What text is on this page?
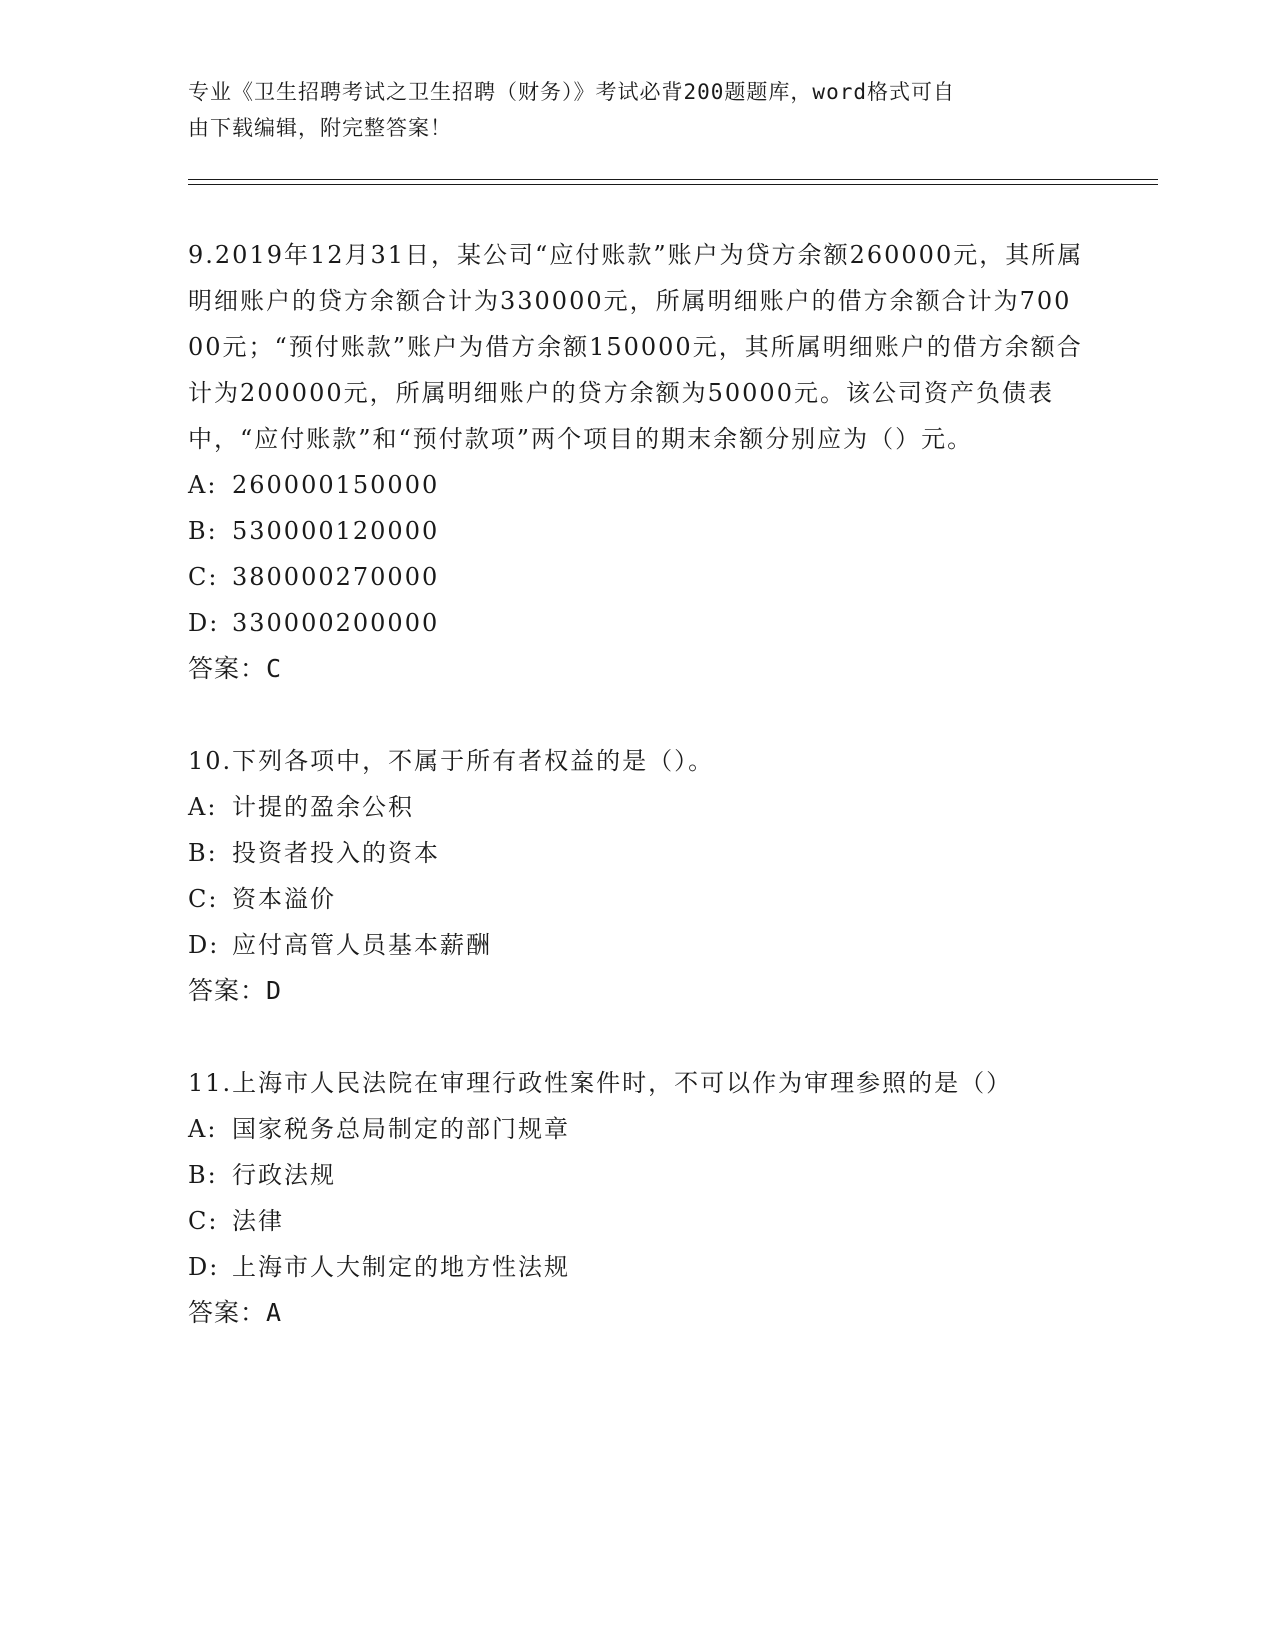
专业《卫生招聘考试之卫生招聘（财务）》考试必背200题题库，word格式可自
由下载编辑，附完整答案！

9.2019年12月31日，某公司“应付账款”账户为贷方余额260000元，其所属明细账户的贷方余额合计为330000元，所属明细账户的借方余额合计为70000元；“预付账款”账户为借方余额150000元，其所属明细账户的借方余额合计为200000元，所属明细账户的贷方余额为50000元。该公司资产负债表中，“应付账款”和“预付款项”两个项目的期末余额分别应为（）元。

A: 260000150000

B: 530000120000

C: 380000270000

D: 330000200000

答案：C

10.下列各项中，不属于所有者权益的是（）。

A: 计提的盈余公积

B: 投资者投入的资本

C: 资本溢价

D: 应付高管人员基本薪酬

答案：D

11.上海市人民法院在审理行政性案件时，不可以作为审理参照的是（）

A: 国家税务总局制定的部门规章

B: 行政法规

C: 法律

D: 上海市人大制定的地方性法规

答案：A
